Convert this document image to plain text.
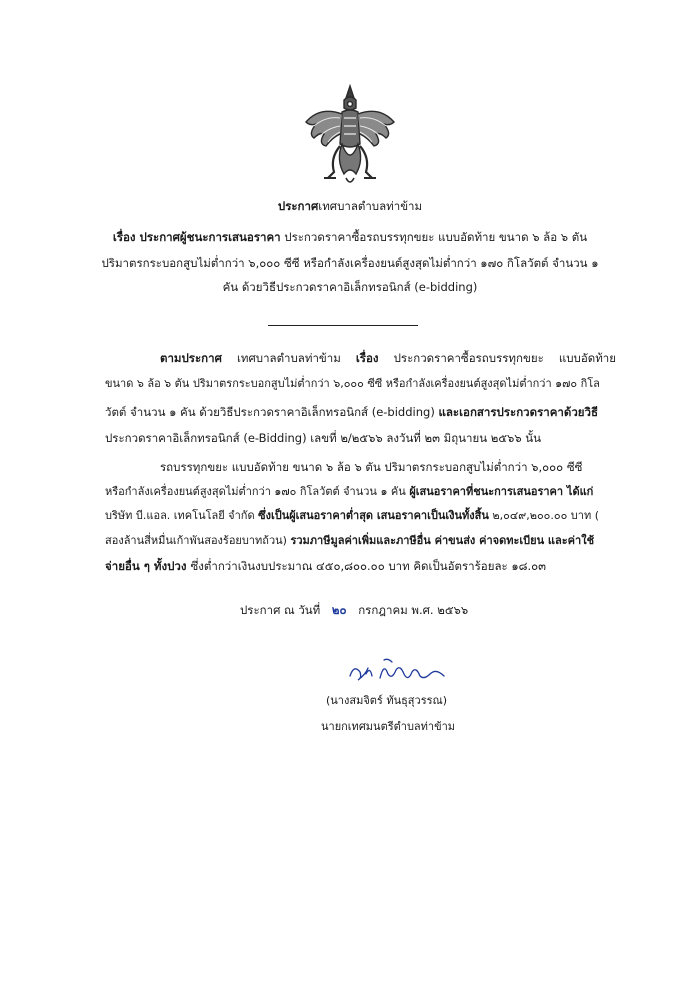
ประกาศเทศบาลตำบลท่าข้าม
เรื่อง ประกาศผู้ชนะการเสนอราคา ประกวดราคาซื้อรถบรรทุกขยะ แบบอัดท้าย ขนาด ๖ ล้อ ๖ ตัน
ปริมาตรกระบอกสูบไม่ต่ำกว่า ๖,๐๐๐ ซีซี หรือกำลังเครื่องยนต์สูงสุดไม่ต่ำกว่า ๑๗๐ กิโลวัตต์ จำนวน ๑
คัน ด้วยวิธีประกวดราคาอิเล็กทรอนิกส์ (e-bidding)
ตามประกาศ เทศบาลตำบลท่าข้าม เรื่อง ประกวดราคาซื้อรถบรรทุกขยะ แบบอัดท้าย
ขนาด ๖ ล้อ ๖ ตัน ปริมาตรกระบอกสูบไม่ต่ำกว่า ๖,๐๐๐ ซีซี หรือกำลังเครื่องยนต์สูงสุดไม่ต่ำกว่า ๑๗๐ กิโล
วัตต์ จำนวน ๑ คัน ด้วยวิธีประกวดราคาอิเล็กทรอนิกส์ (e-bidding) และเอกสารประกวดราคาด้วยวิธี
ประกวดราคาอิเล็กทรอนิกส์ (e-Bidding) เลขที่ ๒/๒๕๖๖ ลงวันที่ ๒๓ มิถุนายน ๒๕๖๖ นั้น
รถบรรทุกขยะ แบบอัดท้าย ขนาด ๖ ล้อ ๖ ตัน ปริมาตรกระบอกสูบไม่ต่ำกว่า ๖,๐๐๐ ซีซี
หรือกำลังเครื่องยนต์สูงสุดไม่ต่ำกว่า ๑๗๐ กิโลวัตต์ จำนวน ๑ คัน ผู้เสนอราคาที่ชนะการเสนอราคา ได้แก่
บริษัท บี.แอล. เทคโนโลยี จำกัด ซึ่งเป็นผู้เสนอราคาต่ำสุด เสนอราคาเป็นเงินทั้งสิ้น ๒,๐๔๙,๒๐๐.๐๐ บาท (
สองล้านสี่หมื่นเก้าพันสองร้อยบาทถ้วน) รวมภาษีมูลค่าเพิ่มและภาษีอื่น ค่าขนส่ง ค่าจดทะเบียน และค่าใช้
จ่ายอื่น ๆ ทั้งปวง ซึ่งต่ำกว่าเงินงบประมาณ ๔๕๐,๘๐๐.๐๐ บาท คิดเป็นอัตราร้อยละ ๑๘.๐๓
ประกาศ ณ วันที่ ๒๐ กรกฎาคม พ.ศ. ๒๕๖๖
(นางสมจิตร์ ทันธุสุวรรณ)
นายกเทศมนตรีตำบลท่าข้าม
